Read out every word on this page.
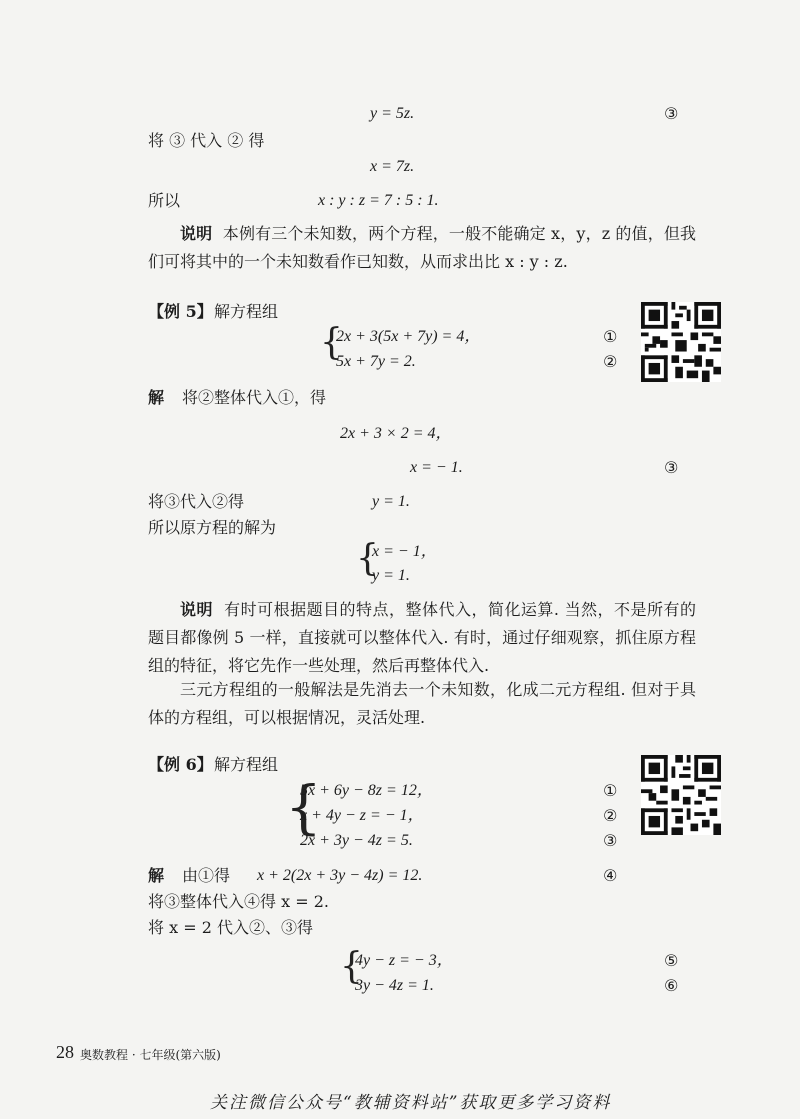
y = 5z.	③
将 ③ 代入 ② 得
x = 7z.
所以	x : y : z = 7 : 5 : 1.
说明 本例有三个未知数，两个方程，一般不能确定 x，y，z 的值，但我们可将其中的一个未知数看作已知数，从而求出比 x : y : z.
【例 5】 解方程组
{
2x + 3(5x + 7y) = 4，	①
5x + 7y = 2.	②
解 将②整体代入①，得
2x + 3 × 2 = 4，
x = − 1.	③
将③代入②得	y = 1.
所以原方程的解为
{
x = − 1，
y = 1.
说明 有时可根据题目的特点，整体代入，简化运算. 当然，不是所有的题目都像例 5 一样，直接就可以整体代入. 有时，通过仔细观察，抓住原方程组的特征，将它先作一些处理，然后再整体代入.
三元方程组的一般解法是先消去一个未知数，化成二元方程组. 但对于具体的方程组，可以根据情况，灵活处理.
【例 6】 解方程组
{
5x + 6y − 8z = 12，	①
x + 4y − z = − 1，	②
2x + 3y − 4z = 5.	③
解 由①得 x + 2(2x + 3y − 4z) = 12.	④
将③整体代入④得 x = 2.
将 x = 2 代入②、③得
{
4y − z = − 3，	⑤
3y − 4z = 1.	⑥
28 奥数教程 · 七年级(第六版)
关注微信公众号“教辅资料站”获取更多学习资料
